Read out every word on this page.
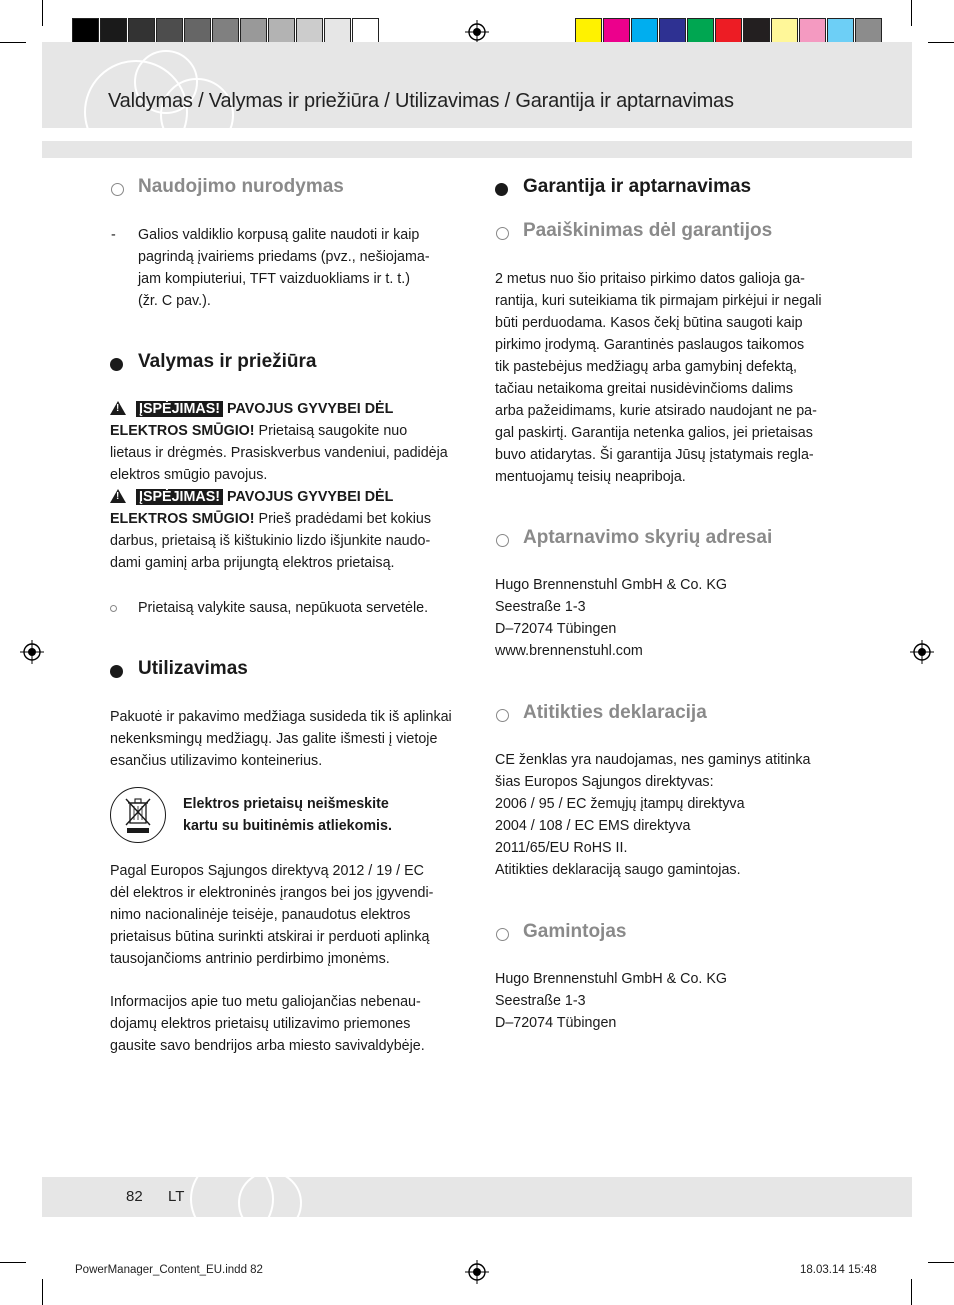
Valdymas / Valymas ir priežiūra / Utilizavimas / Garantija ir aptarnavimas
Naudojimo nurodymas
- Galios valdiklio korpusą galite naudoti ir kaip
pagrindą įvairiems priedams (pvz., nešiojama-
jam kompiuteriui, TFT vaizduokliams ir t. t.)
(žr. C pav.).
Valymas ir priežiūra
! ĮSPĖJIMAS! PAVOJUS GYVYBEI DĖL
ELEKTROS SMŪGIO! Prietaisą saugokite nuo
lietaus ir drėgmės. Prasiskverbus vandeniui, padidėja
elektros smūgio pavojus.
! ĮSPĖJIMAS! PAVOJUS GYVYBEI DĖL
ELEKTROS SMŪGIO! Prieš pradėdami bet kokius
darbus, prietaisą iš kištukinio lizdo išjunkite naudo-
dami gaminį arba prijungtą elektros prietaisą.
Prietaisą valykite sausa, nepūkuota servetėle.
Utilizavimas
Pakuotė ir pakavimo medžiaga susideda tik iš aplinkai
nekenksmingų medžiagų. Jas galite išmesti į vietoje
esančius utilizavimo konteinerius.
Elektros prietaisų neišmeskite
kartu su buitinėmis atliekomis.
Pagal Europos Sąjungos direktyvą 2012 / 19 / EC
dėl elektros ir elektroninės įrangos bei jos įgyvendi-
nimo nacionalinėje teisėje, panaudotus elektros
prietaisus būtina surinkti atskirai ir perduoti aplinką
tausojančioms antrinio perdirbimo įmonėms.
Informacijos apie tuo metu galiojančias nebenau-
dojamų elektros prietaisų utilizavimo priemones
gausite savo bendrijos arba miesto savivaldybėje.
Garantija ir aptarnavimas
Paaiškinimas dėl garantijos
2 metus nuo šio pritaiso pirkimo datos galioja ga-
rantija, kuri suteikiama tik pirmajam pirkėjui ir negali
būti perduodama. Kasos čekį būtina saugoti kaip
pirkimo įrodymą. Garantinės paslaugos taikomos
tik pastebėjus medžiagų arba gamybinį defektą,
tačiau netaikoma greitai nusidėvinčioms dalims
arba pažeidimams, kurie atsirado naudojant ne pa-
gal paskirtį. Garantija netenka galios, jei prietaisas
buvo atidarytas. Ši garantija Jūsų įstatymais regla-
mentuojamų teisių neapriboja.
Aptarnavimo skyrių adresai
Hugo Brennenstuhl GmbH & Co. KG
Seestraße 1-3
D–72074 Tübingen
www.brennenstuhl.com
Atitikties deklaracija
CE ženklas yra naudojamas, nes gaminys atitinka
šias Europos Sąjungos direktyvas:
2006 / 95 / EC žemųjų įtampų direktyva
2004 / 108 / EC EMS direktyva
2011/65/EU RoHS II.
Atitikties deklaraciją saugo gamintojas.
Gamintojas
Hugo Brennenstuhl GmbH & Co. KG
Seestraße 1-3
D–72074 Tübingen
82 LT
PowerManager_Content_EU.indd 82	18.03.14 15:48
